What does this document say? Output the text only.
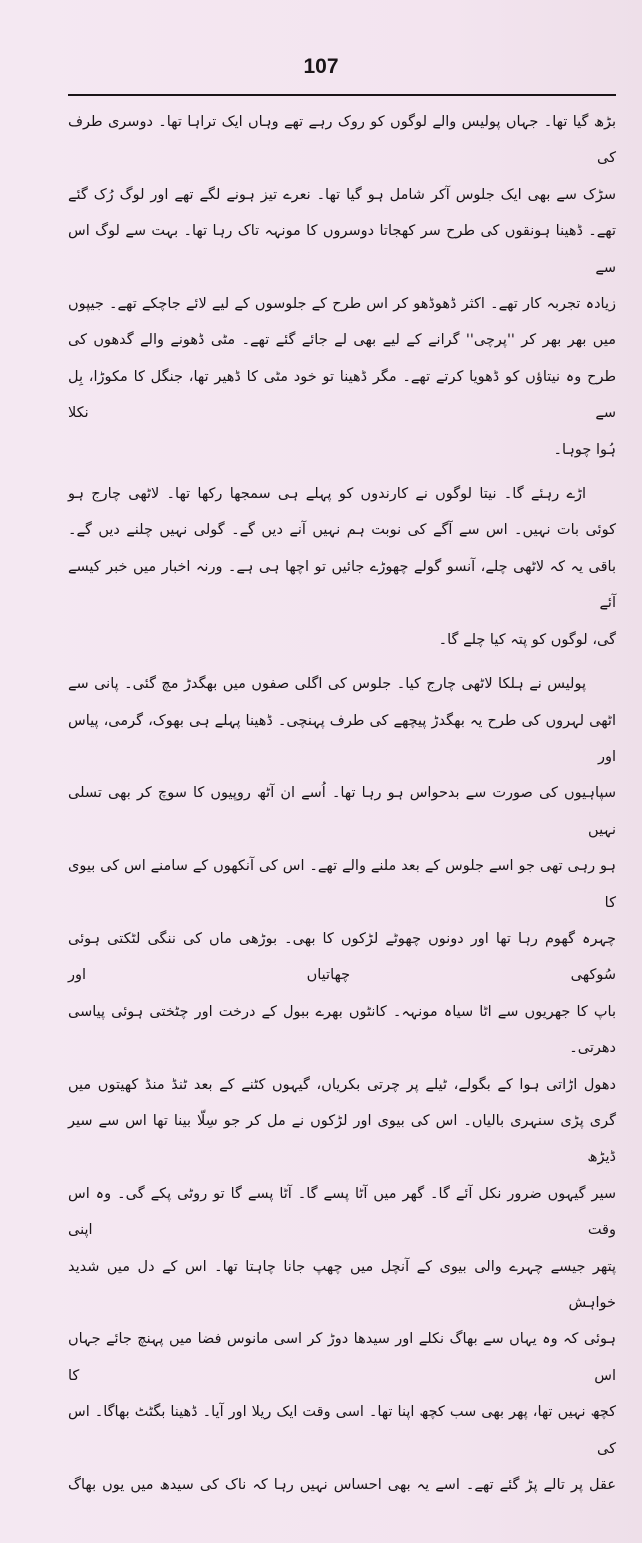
107
بڑھ گیا تھا۔ جہاں پولیس والے لوگوں کو روک رہے تھے وہاں ایک تراہا تھا۔ دوسری طرف کی
سڑک سے بھی ایک جلوس آکر شامل ہو گیا تھا۔ نعرے تیز ہونے لگے تھے اور لوگ رُک گئے
تھے۔ ڈھینا ہونقوں کی طرح سر کھجاتا دوسروں کا مونہہ تاک رہا تھا۔ بہت سے لوگ اس سے
زیادہ تجربہ کار تھے۔ اکثر ڈھوڈھو کر اس طرح کے جلوسوں کے لیے لائے جاچکے تھے۔ جیپوں
میں بھر بھر کر ''پرچی'' گرانے کے لیے بھی لے جائے گئے تھے۔ مٹی ڈھونے والے گدھوں کی
طرح وہ نیتاؤں کو ڈھویا کرتے تھے۔ مگر ڈھینا تو خود مٹی کا ڈھیر تھا، جنگل کا مکوڑا، بِل سے نکلا
ہُوا چوہا۔
اڑے رہئے گا۔ نیتا لوگوں نے کارندوں کو پہلے ہی سمجھا رکھا تھا۔ لاٹھی چارج ہو
کوئی بات نہیں۔ اس سے آگے کی نوبت ہم نہیں آنے دیں گے۔ گولی نہیں چلنے دیں گے۔
باقی یہ کہ لاٹھی چلے، آنسو گولے چھوڑے جائیں تو اچھا ہی ہے۔ ورنہ اخبار میں خبر کیسے آئے
گی، لوگوں کو پتہ کیا چلے گا۔
پولیس نے ہلکا لاٹھی چارج کیا۔ جلوس کی اگلی صفوں میں بھگدڑ مچ گئی۔ پانی سے
اٹھی لہروں کی طرح یہ بھگدڑ پیچھے کی طرف پہنچی۔ ڈھینا پہلے ہی بھوک، گرمی، پیاس اور
سپاہیوں کی صورت سے بدحواس ہو رہا تھا۔ اُسے ان آٹھ روپیوں کا سوچ کر بھی تسلی نہیں
ہو رہی تھی جو اسے جلوس کے بعد ملنے والے تھے۔ اس کی آنکھوں کے سامنے اس کی بیوی کا
چہرہ گھوم رہا تھا اور دونوں چھوٹے لڑکوں کا بھی۔ بوڑھی ماں کی ننگی لٹکتی ہوئی سُوکھی چھاتیاں اور
باپ کا جھریوں سے اٹا سیاہ مونہہ۔ کانٹوں بھرے ببول کے درخت اور چٹختی ہوئی پیاسی دھرتی۔
دھول اڑاتی ہوا کے بگولے، ٹیلے پر چرتی بکریاں، گیہوں کٹنے کے بعد ٹنڈ منڈ کھیتوں میں
گری پڑی سنہری بالیاں۔ اس کی بیوی اور لڑکوں نے مل کر جو سِلّا بینا تھا اس سے سیر ڈیڑھ
سیر گیہوں ضرور نکل آئے گا۔ گھر میں آٹا پسے گا۔ آٹا پسے گا تو روٹی پکے گی۔ وہ اس وقت اپنی
پتھر جیسے چہرے والی بیوی کے آنچل میں چھپ جانا چاہتا تھا۔ اس کے دل میں شدید خواہش
ہوئی کہ وہ یہاں سے بھاگ نکلے اور سیدھا دوڑ کر اسی مانوس فضا میں پہنچ جائے جہاں اس کا
کچھ نہیں تھا، پھر بھی سب کچھ اپنا تھا۔ اسی وقت ایک ریلا اور آیا۔ ڈھینا بگٹٹ بھاگا۔ اس کی
عقل پر تالے پڑ گئے تھے۔ اسے یہ بھی احساس نہیں رہا کہ ناک کی سیدھ میں یوں بھاگ
